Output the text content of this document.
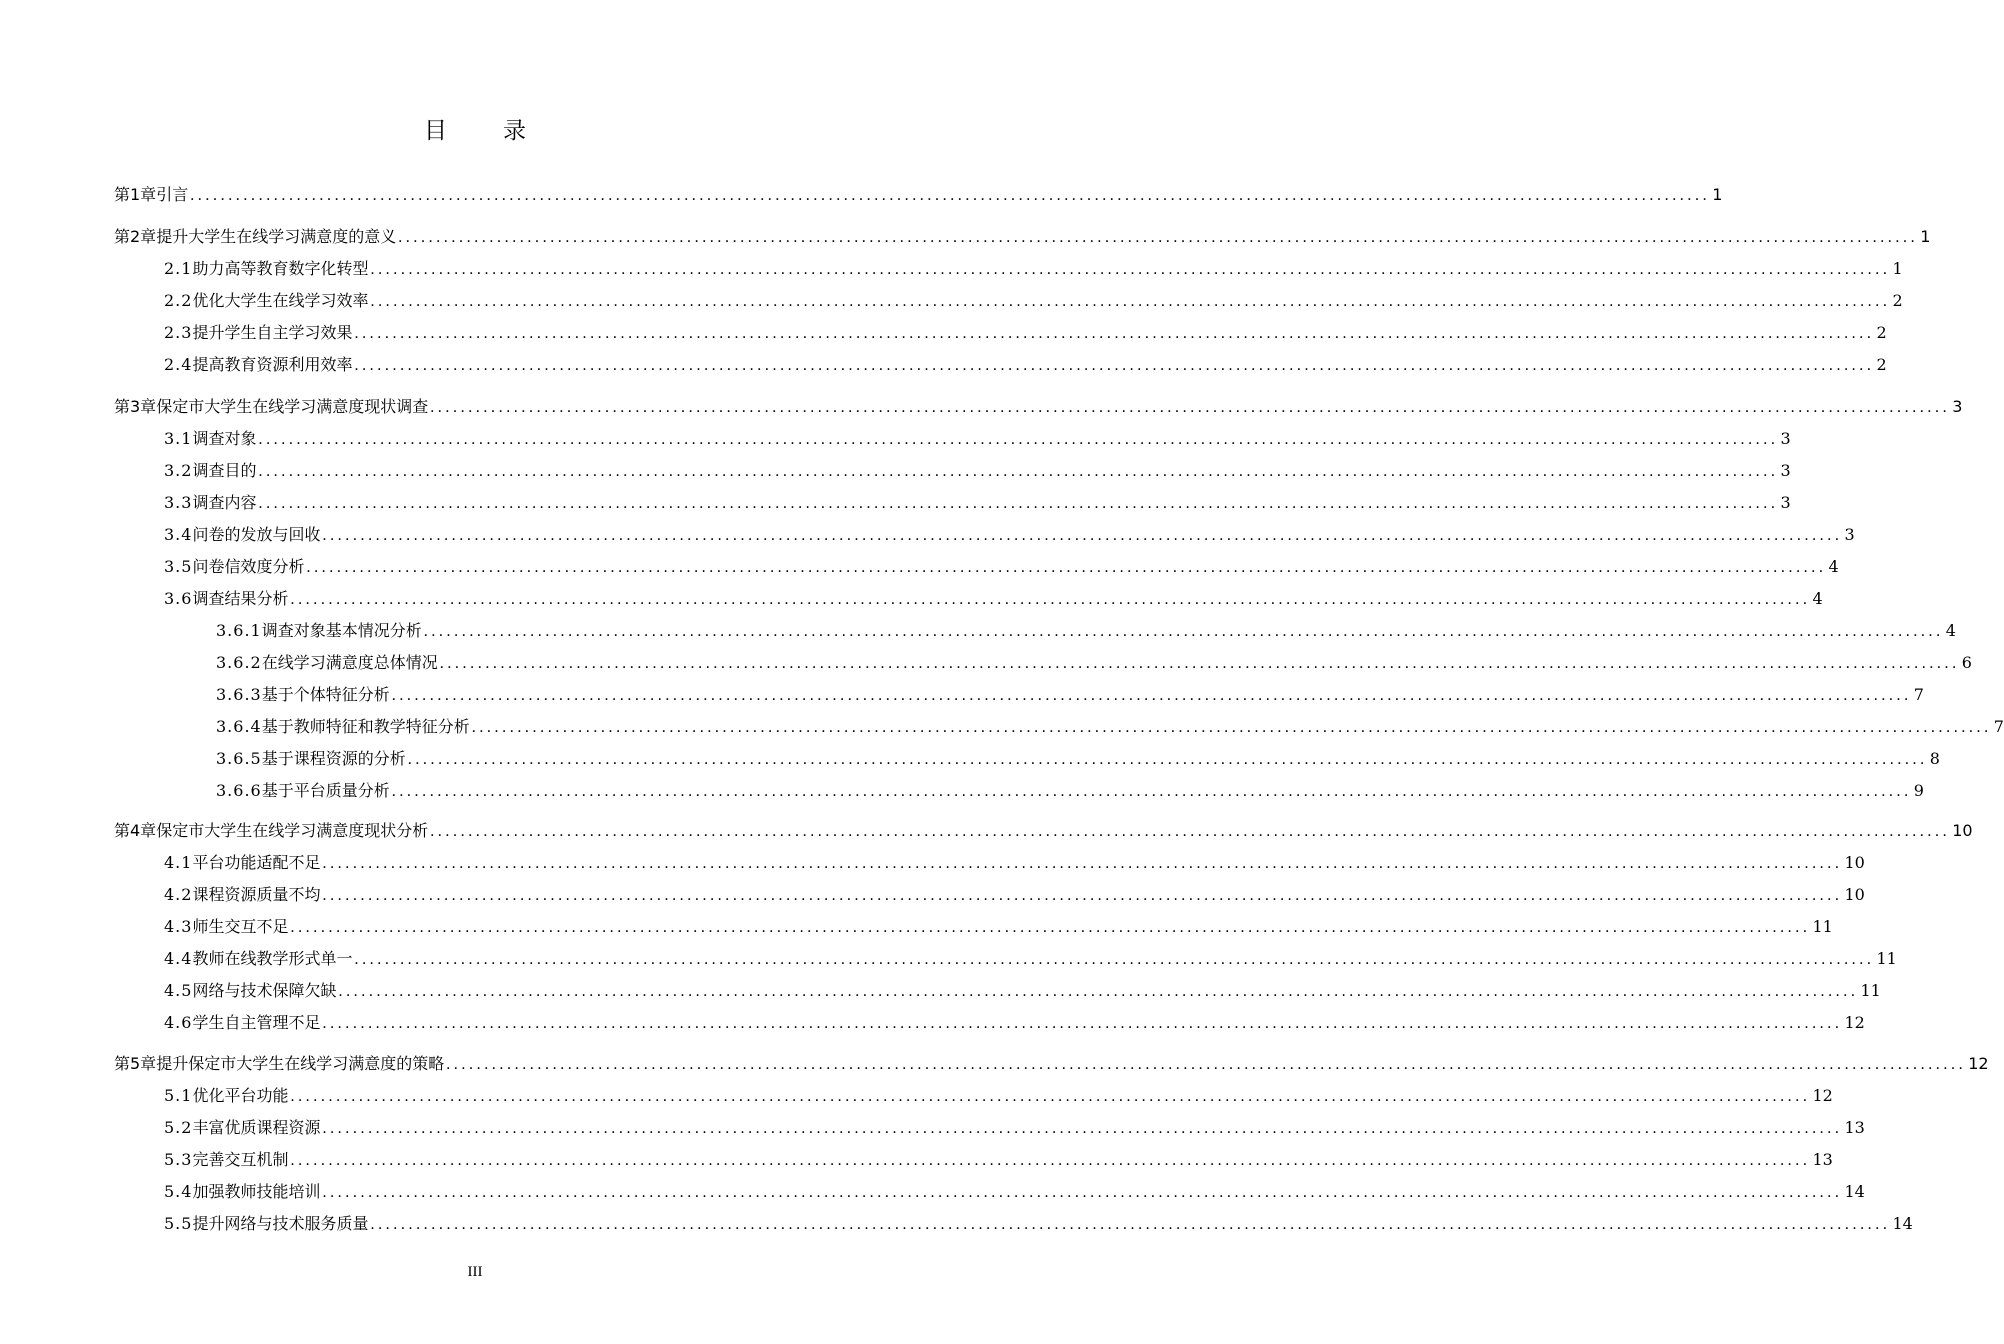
目录
第1章 引言 ........................................................................................................................................................................................................ 1
第2章 提升大学生在线学习满意度的意义 ........................................................................................................................................................................................................ 1
2.1 助力高等教育数字化转型 ........................................................................................................................................................................................................ 1
2.2 优化大学生在线学习效率 ........................................................................................................................................................................................................ 2
2.3 提升学生自主学习效果 ........................................................................................................................................................................................................ 2
2.4 提高教育资源利用效率 ........................................................................................................................................................................................................ 2
第3章 保定市大学生在线学习满意度现状调查 ........................................................................................................................................................................................................ 3
3.1 调查对象 ........................................................................................................................................................................................................ 3
3.2 调查目的 ........................................................................................................................................................................................................ 3
3.3 调查内容 ........................................................................................................................................................................................................ 3
3.4 问卷的发放与回收 ........................................................................................................................................................................................................ 3
3.5 问卷信效度分析 ........................................................................................................................................................................................................ 4
3.6 调查结果分析 ........................................................................................................................................................................................................ 4
3.6.1 调查对象基本情况分析 ........................................................................................................................................................................................................ 4
3.6.2 在线学习满意度总体情况 ........................................................................................................................................................................................................ 6
3.6.3 基于个体特征分析 ........................................................................................................................................................................................................ 7
3.6.4 基于教师特征和教学特征分析 ........................................................................................................................................................................................................ 7
3.6.5 基于课程资源的分析 ........................................................................................................................................................................................................ 8
3.6.6 基于平台质量分析 ........................................................................................................................................................................................................ 9
第4章 保定市大学生在线学习满意度现状分析 ........................................................................................................................................................................................................ 10
4.1 平台功能适配不足 ........................................................................................................................................................................................................ 10
4.2 课程资源质量不均 ........................................................................................................................................................................................................ 10
4.3 师生交互不足 ........................................................................................................................................................................................................ 11
4.4 教师在线教学形式单一 ........................................................................................................................................................................................................ 11
4.5 网络与技术保障欠缺 ........................................................................................................................................................................................................ 11
4.6 学生自主管理不足 ........................................................................................................................................................................................................ 12
第5章 提升保定市大学生在线学习满意度的策略 ........................................................................................................................................................................................................ 12
5.1 优化平台功能 ........................................................................................................................................................................................................ 12
5.2 丰富优质课程资源 ........................................................................................................................................................................................................ 13
5.3 完善交互机制 ........................................................................................................................................................................................................ 13
5.4 加强教师技能培训 ........................................................................................................................................................................................................ 14
5.5 提升网络与技术服务质量 ........................................................................................................................................................................................................ 14
III
